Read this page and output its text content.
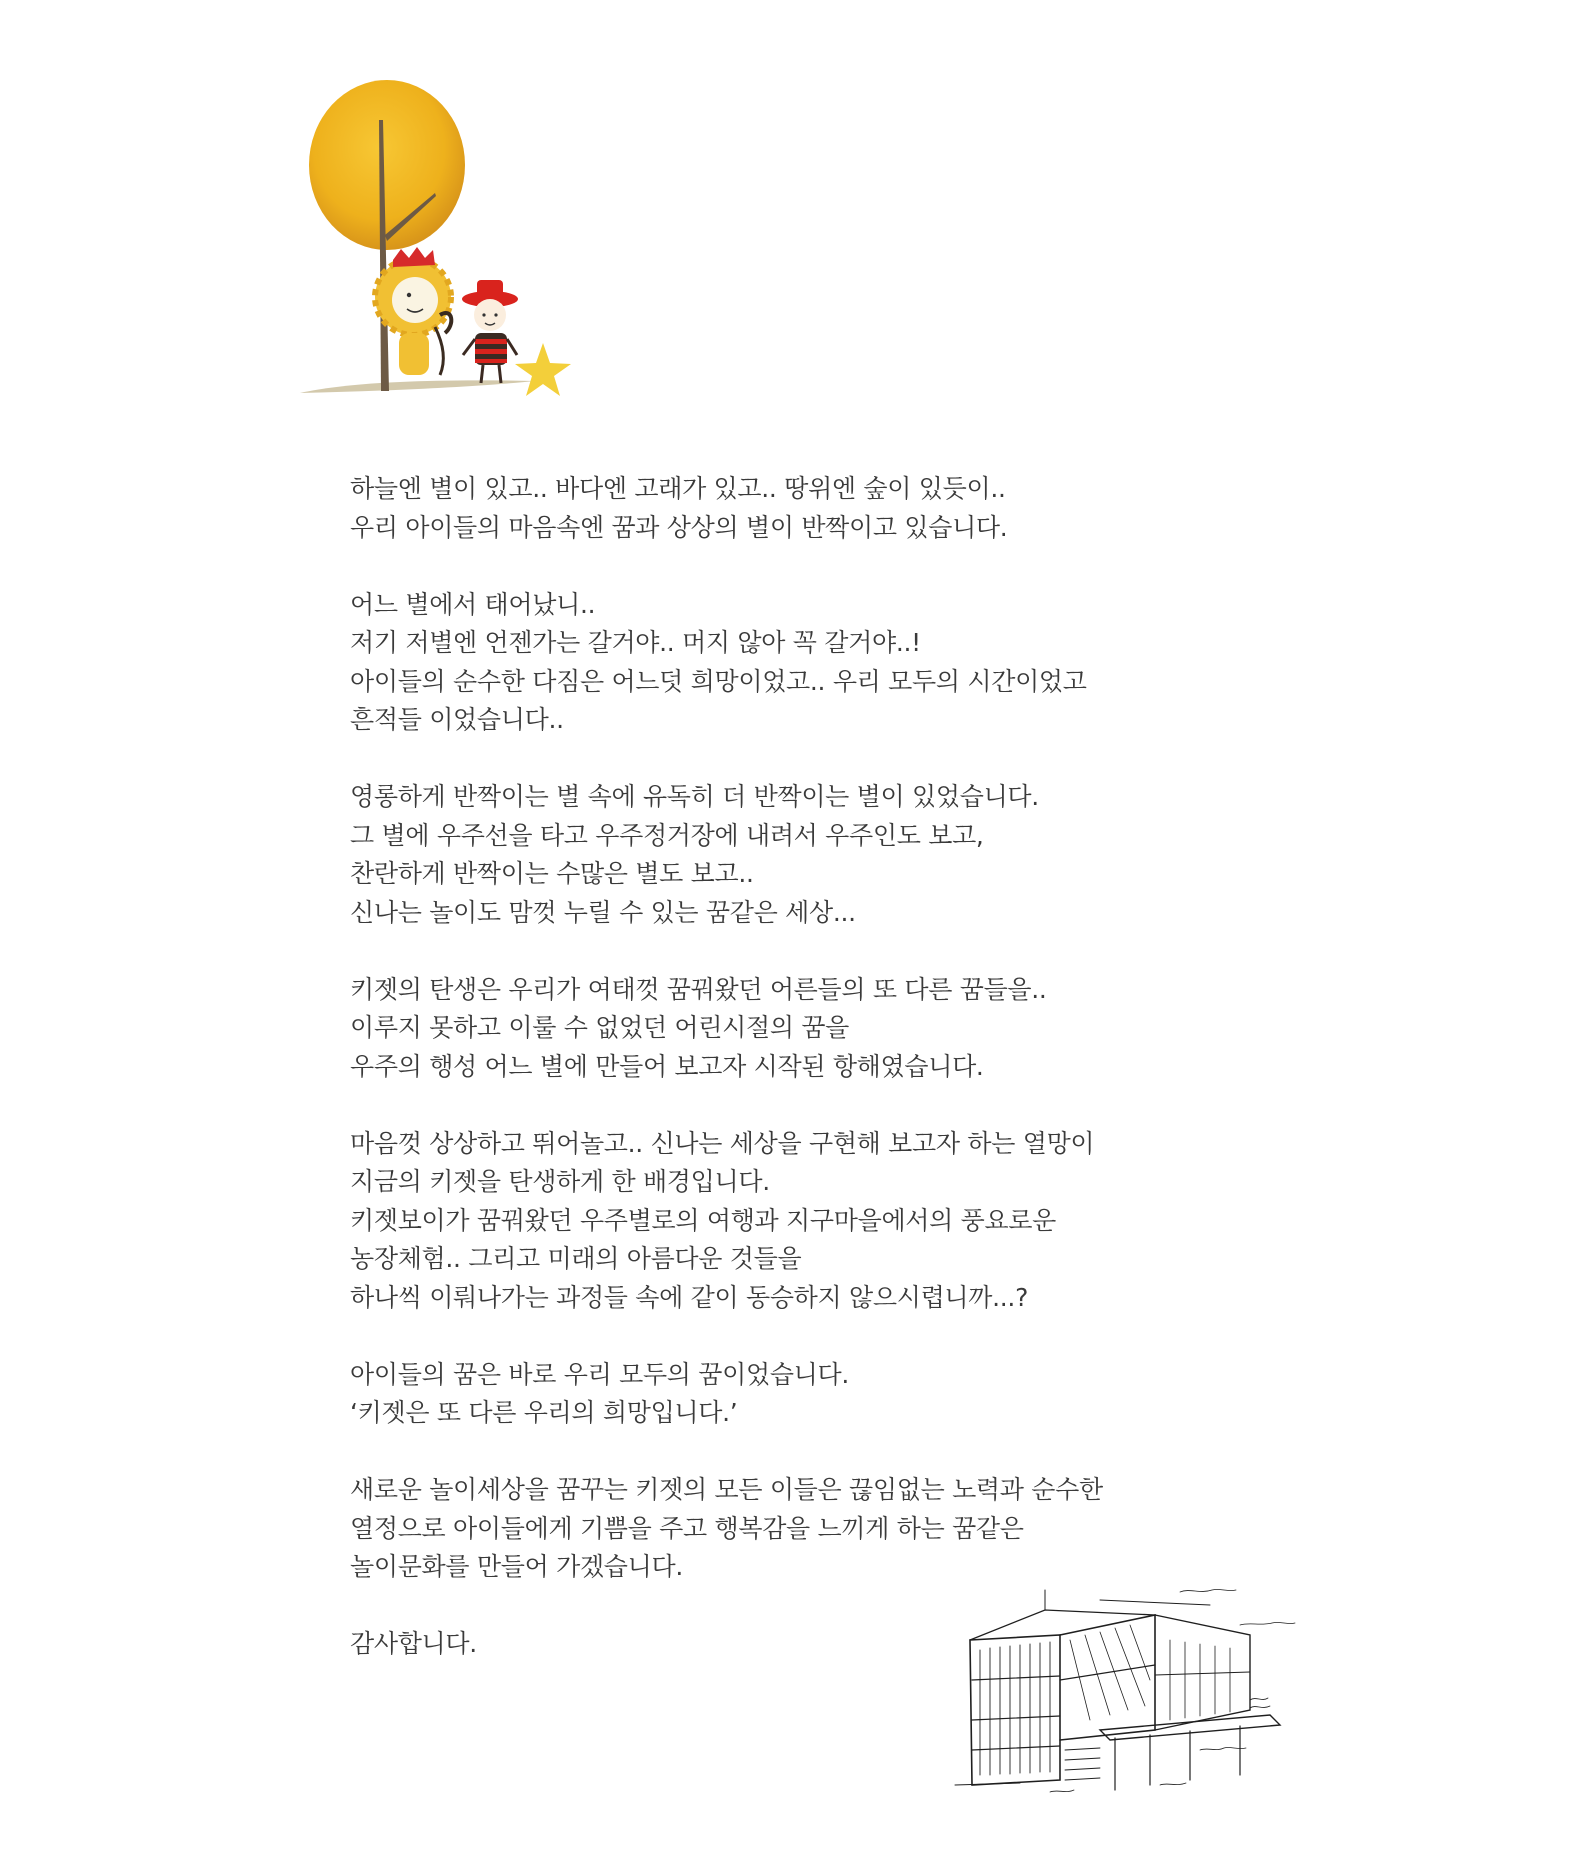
하늘엔 별이 있고.. 바다엔 고래가 있고.. 땅위엔 숲이 있듯이..
우리 아이들의 마음속엔 꿈과 상상의 별이 반짝이고 있습니다.

어느 별에서 태어났니..
저기 저별엔 언젠가는 갈거야.. 머지 않아 꼭 갈거야..!
아이들의 순수한 다짐은 어느덧 희망이었고.. 우리 모두의 시간이었고
흔적들 이었습니다..

영롱하게 반짝이는 별 속에 유독히 더 반짝이는 별이 있었습니다.
그 별에 우주선을 타고 우주정거장에 내려서 우주인도 보고,
찬란하게 반짝이는 수많은 별도 보고..
신나는 놀이도 맘껏 누릴 수 있는 꿈같은 세상...

키젯의 탄생은 우리가 여태껏 꿈꿔왔던 어른들의 또 다른 꿈들을..
이루지 못하고 이룰 수 없었던 어린시절의 꿈을
우주의 행성 어느 별에 만들어 보고자 시작된 항해였습니다.

마음껏 상상하고 뛰어놀고.. 신나는 세상을 구현해 보고자 하는 열망이
지금의 키젯을 탄생하게 한 배경입니다.
키젯보이가 꿈꿔왔던 우주별로의 여행과 지구마을에서의 풍요로운
농장체험.. 그리고 미래의 아름다운 것들을
하나씩 이뤄나가는 과정들 속에 같이 동승하지 않으시렵니까...?

아이들의 꿈은 바로 우리 모두의 꿈이었습니다.
‘키젯은 또 다른 우리의 희망입니다.’

새로운 놀이세상을 꿈꾸는 키젯의 모든 이들은 끊임없는 노력과 순수한
열정으로 아이들에게 기쁨을 주고 행복감을 느끼게 하는 꿈같은
놀이문화를 만들어 가겠습니다.

감사합니다.
